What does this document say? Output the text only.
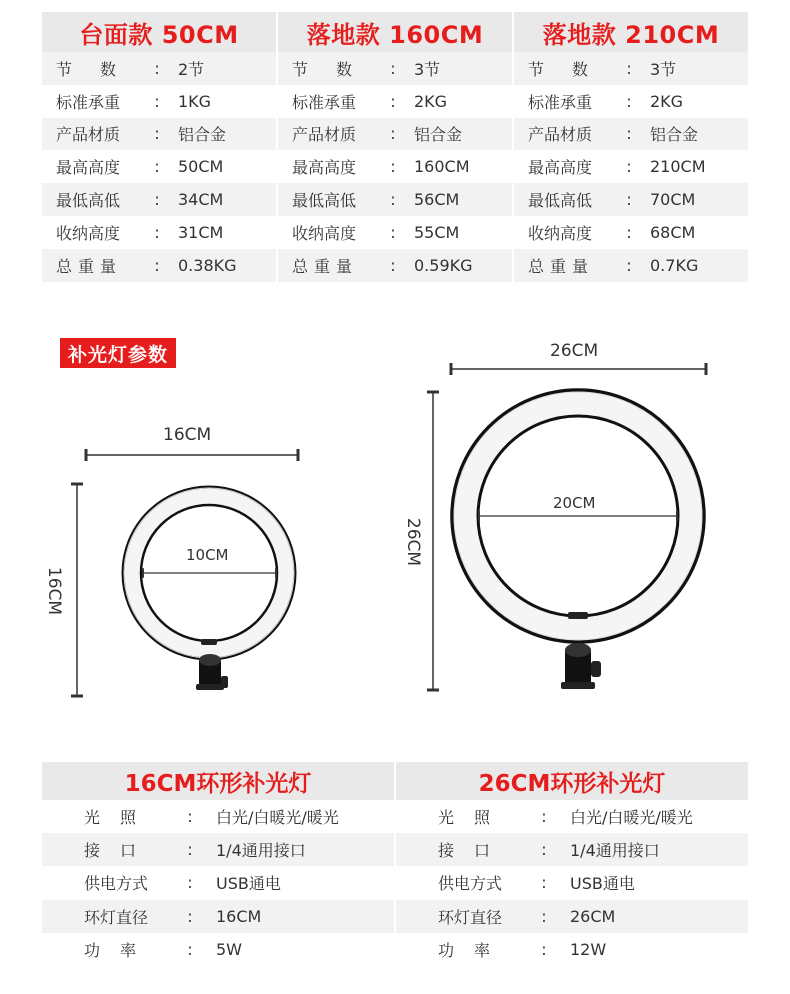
台面款 50CM
节　数	:	2节
标准承重	:	1KG
产品材质	:	铝合金
最高高度	:	50CM
最低高低	:	34CM
收纳高度	:	31CM
总重量	:	0.38KG
落地款 160CM
节　数	:	3节
标准承重	:	2KG
产品材质	:	铝合金
最高高度	:	160CM
最低高低	:	56CM
收纳高度	:	55CM
总重量	:	0.59KG
落地款 210CM
节　数	:	3节
标准承重	:	2KG
产品材质	:	铝合金
最高高度	:	210CM
最低高低	:	70CM
收纳高度	:	68CM
总重量	:	0.7KG
补光灯参数
16CM
16CM
10CM
26CM
26CM
20CM
16CM环形补光灯
光照	:	白光/白暖光/暖光
接口	:	1/4通用接口
供电方式	:	USB通电
环灯直径	:	16CM
功率	:	5W
26CM环形补光灯
光照	:	白光/白暖光/暖光
接口	:	1/4通用接口
供电方式	:	USB通电
环灯直径	:	26CM
功率	:	12W
